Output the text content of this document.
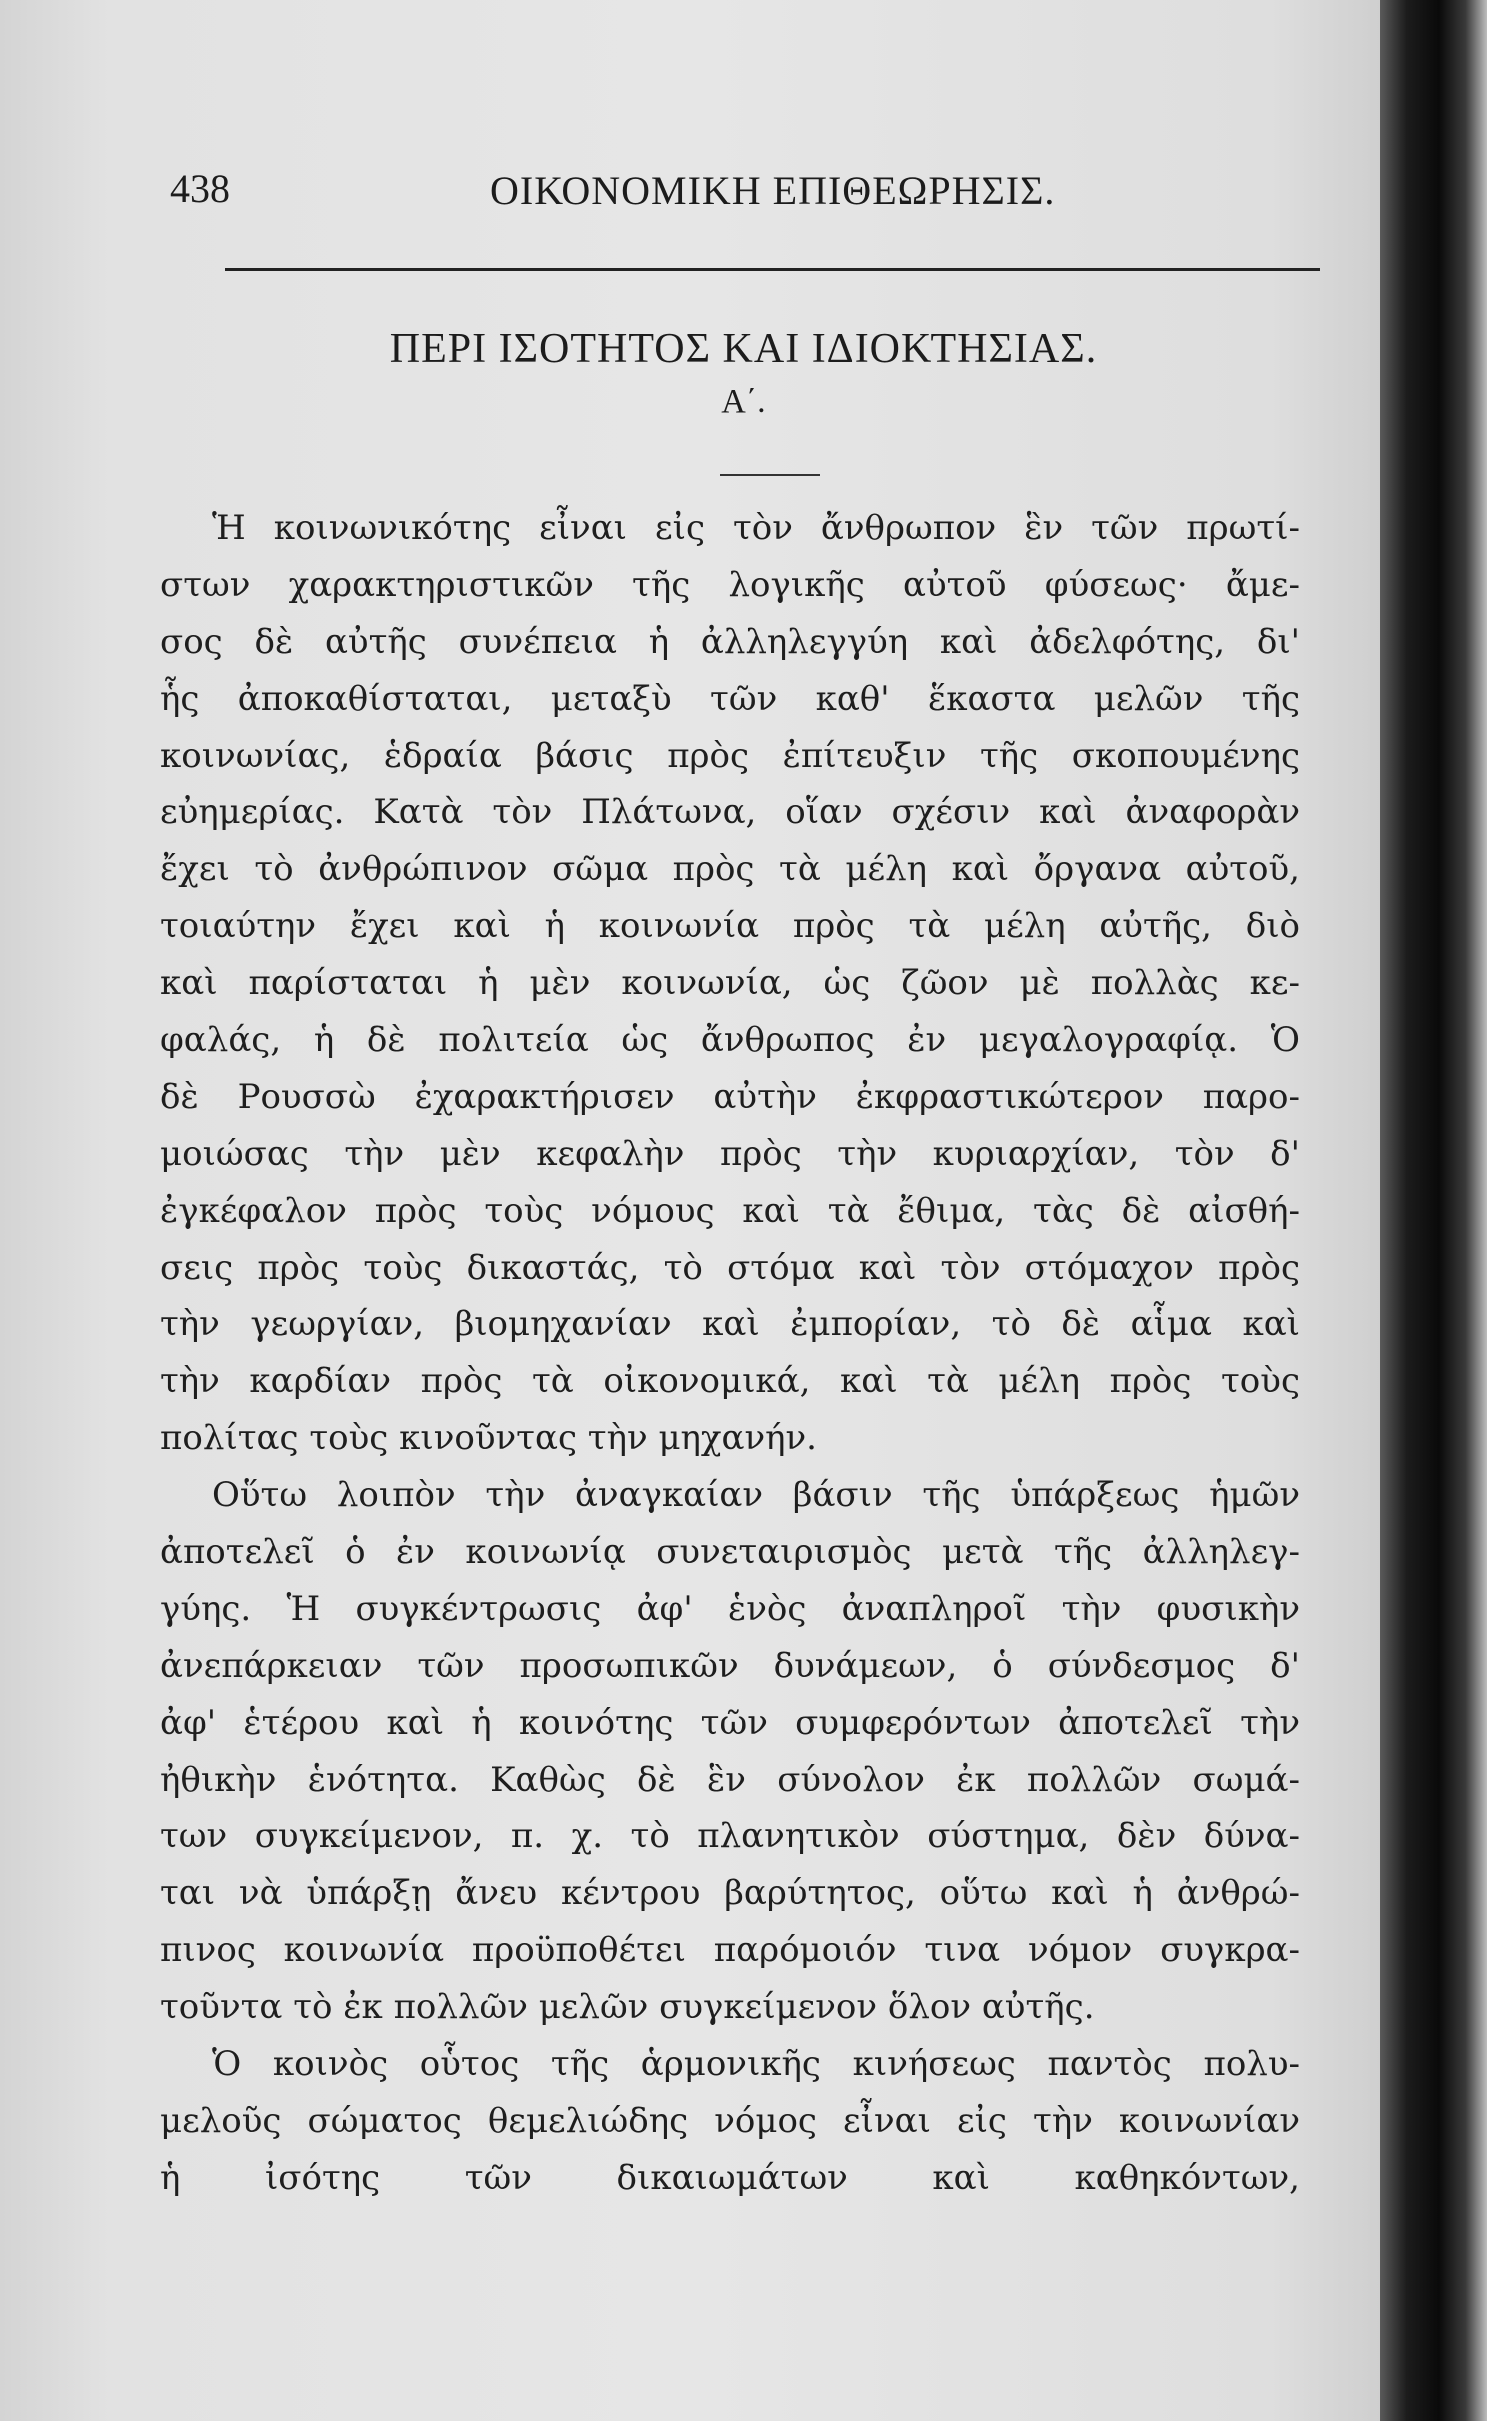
438	ΟΙΚΟΝΟΜΙΚΗ ΕΠΙΘΕΩΡΗΣΙΣ.
ΠΕΡΙ ΙΣΟΤΗΤΟΣ ΚΑΙ ΙΔΙΟΚΤΗΣΙΑΣ.
Α΄.
Ἡ κοινωνικότης εἶναι εἰς τὸν ἄνθρωπον ἓν τῶν πρωτί-
στων χαρακτηριστικῶν τῆς λογικῆς αὐτοῦ φύσεως· ἄμε-
σος δὲ αὐτῆς συνέπεια ἡ ἀλληλεγγύη καὶ ἀδελφότης, δι'
ἧς ἀποκαθίσταται, μεταξὺ τῶν καθ' ἕκαστα μελῶν τῆς
κοινωνίας, ἑδραία βάσις πρὸς ἐπίτευξιν τῆς σκοπουμένης
εὐημερίας. Κατὰ τὸν Πλάτωνα, οἵαν σχέσιν καὶ ἀναφορὰν
ἔχει τὸ ἀνθρώπινον σῶμα πρὸς τὰ μέλη καὶ ὄργανα αὐτοῦ,
τοιαύτην ἔχει καὶ ἡ κοινωνία πρὸς τὰ μέλη αὐτῆς, διὸ
καὶ παρίσταται ἡ μὲν κοινωνία, ὡς ζῶον μὲ πολλὰς κε-
φαλάς, ἡ δὲ πολιτεία ὡς ἄνθρωπος ἐν μεγαλογραφίᾳ. Ὁ
δὲ Ρουσσὼ ἐχαρακτήρισεν αὐτὴν ἐκφραστικώτερον παρο-
μοιώσας τὴν μὲν κεφαλὴν πρὸς τὴν κυριαρχίαν, τὸν δ'
ἐγκέφαλον πρὸς τοὺς νόμους καὶ τὰ ἔθιμα, τὰς δὲ αἰσθή-
σεις πρὸς τοὺς δικαστάς, τὸ στόμα καὶ τὸν στόμαχον πρὸς
τὴν γεωργίαν, βιομηχανίαν καὶ ἐμπορίαν, τὸ δὲ αἷμα καὶ
τὴν καρδίαν πρὸς τὰ οἰκονομικά, καὶ τὰ μέλη πρὸς τοὺς
πολίτας τοὺς κινοῦντας τὴν μηχανήν.
Οὕτω λοιπὸν τὴν ἀναγκαίαν βάσιν τῆς ὑπάρξεως ἡμῶν
ἀποτελεῖ ὁ ἐν κοινωνίᾳ συνεταιρισμὸς μετὰ τῆς ἀλληλεγ-
γύης. Ἡ συγκέντρωσις ἀφ' ἑνὸς ἀναπληροῖ τὴν φυσικὴν
ἀνεπάρκειαν τῶν προσωπικῶν δυνάμεων, ὁ σύνδεσμος δ'
ἀφ' ἑτέρου καὶ ἡ κοινότης τῶν συμφερόντων ἀποτελεῖ τὴν
ἠθικὴν ἑνότητα. Καθὼς δὲ ἓν σύνολον ἐκ πολλῶν σωμά-
των συγκείμενον, π. χ. τὸ πλανητικὸν σύστημα, δὲν δύνα-
ται νὰ ὑπάρξῃ ἄνευ κέντρου βαρύτητος, οὕτω καὶ ἡ ἀνθρώ-
πινος κοινωνία προϋποθέτει παρόμοιόν τινα νόμον συγκρα-
τοῦντα τὸ ἐκ πολλῶν μελῶν συγκείμενον ὅλον αὐτῆς.
Ὁ κοινὸς οὗτος τῆς ἁρμονικῆς κινήσεως παντὸς πολυ-
μελοῦς σώματος θεμελιώδης νόμος εἶναι εἰς τὴν κοινωνίαν
ἡ ἰσότης τῶν δικαιωμάτων καὶ καθηκόντων,
